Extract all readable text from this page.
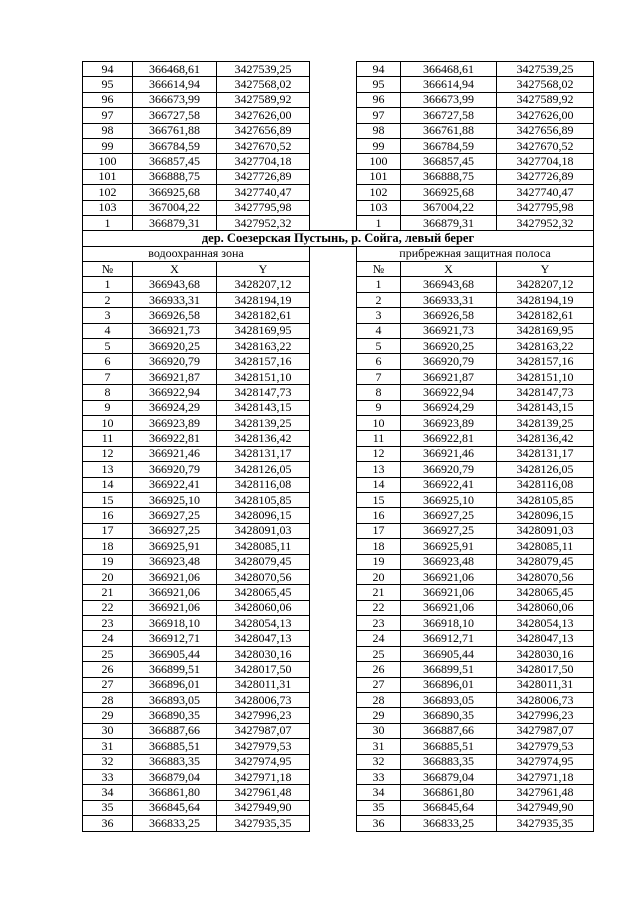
94	366468,61	3427539,25		94	366468,61	3427539,25
95	366614,94	3427568,02		95	366614,94	3427568,02
96	366673,99	3427589,92		96	366673,99	3427589,92
97	366727,58	3427626,00		97	366727,58	3427626,00
98	366761,88	3427656,89		98	366761,88	3427656,89
99	366784,59	3427670,52		99	366784,59	3427670,52
100	366857,45	3427704,18		100	366857,45	3427704,18
101	366888,75	3427726,89		101	366888,75	3427726,89
102	366925,68	3427740,47		102	366925,68	3427740,47
103	367004,22	3427795,98		103	367004,22	3427795,98
1	366879,31	3427952,32		1	366879,31	3427952,32
дер. Соезерская Пустынь, р. Сойга, левый берег						
водоохранная зона				прибрежная защитная полоса		
№	X	Y		№	X	Y
1	366943,68	3428207,12		1	366943,68	3428207,12
2	366933,31	3428194,19		2	366933,31	3428194,19
3	366926,58	3428182,61		3	366926,58	3428182,61
4	366921,73	3428169,95		4	366921,73	3428169,95
5	366920,25	3428163,22		5	366920,25	3428163,22
6	366920,79	3428157,16		6	366920,79	3428157,16
7	366921,87	3428151,10		7	366921,87	3428151,10
8	366922,94	3428147,73		8	366922,94	3428147,73
9	366924,29	3428143,15		9	366924,29	3428143,15
10	366923,89	3428139,25		10	366923,89	3428139,25
11	366922,81	3428136,42		11	366922,81	3428136,42
12	366921,46	3428131,17		12	366921,46	3428131,17
13	366920,79	3428126,05		13	366920,79	3428126,05
14	366922,41	3428116,08		14	366922,41	3428116,08
15	366925,10	3428105,85		15	366925,10	3428105,85
16	366927,25	3428096,15		16	366927,25	3428096,15
17	366927,25	3428091,03		17	366927,25	3428091,03
18	366925,91	3428085,11		18	366925,91	3428085,11
19	366923,48	3428079,45		19	366923,48	3428079,45
20	366921,06	3428070,56		20	366921,06	3428070,56
21	366921,06	3428065,45		21	366921,06	3428065,45
22	366921,06	3428060,06		22	366921,06	3428060,06
23	366918,10	3428054,13		23	366918,10	3428054,13
24	366912,71	3428047,13		24	366912,71	3428047,13
25	366905,44	3428030,16		25	366905,44	3428030,16
26	366899,51	3428017,50		26	366899,51	3428017,50
27	366896,01	3428011,31		27	366896,01	3428011,31
28	366893,05	3428006,73		28	366893,05	3428006,73
29	366890,35	3427996,23		29	366890,35	3427996,23
30	366887,66	3427987,07		30	366887,66	3427987,07
31	366885,51	3427979,53		31	366885,51	3427979,53
32	366883,35	3427974,95		32	366883,35	3427974,95
33	366879,04	3427971,18		33	366879,04	3427971,18
34	366861,80	3427961,48		34	366861,80	3427961,48
35	366845,64	3427949,90		35	366845,64	3427949,90
36	366833,25	3427935,35		36	366833,25	3427935,35
